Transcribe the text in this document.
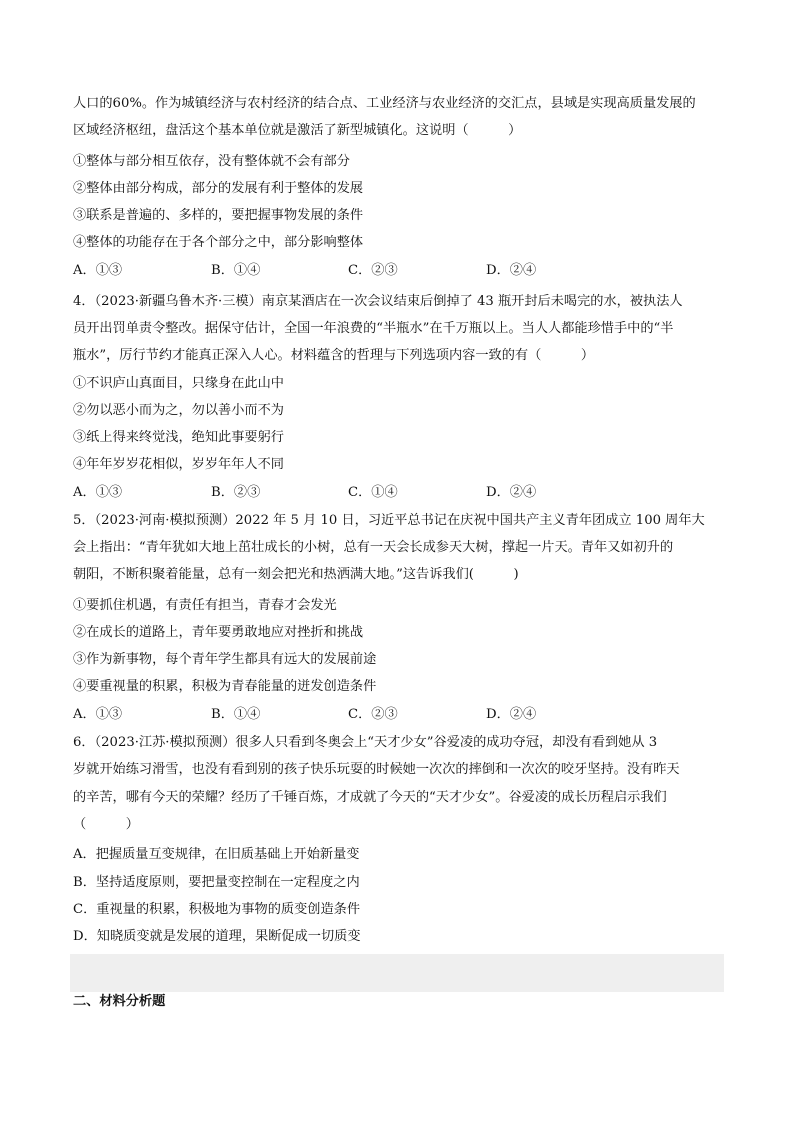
人口的60%。作为城镇经济与农村经济的结合点、工业经济与农业经济的交汇点，县域是实现高质量发展的
区域经济枢纽，盘活这个基本单位就是激活了新型城镇化。这说明（　　　）
①整体与部分相互依存，没有整体就不会有部分
②整体由部分构成，部分的发展有利于整体的发展
③联系是普遍的、多样的，要把握事物发展的条件
④整体的功能存在于各个部分之中，部分影响整体
A．①③	B．①④	C．②③	D．②④
4．（2023·新疆乌鲁木齐·三模）南京某酒店在一次会议结束后倒掉了 43 瓶开封后未喝完的水，被执法人
员开出罚单责令整改。据保守估计，全国一年浪费的“半瓶水”在千万瓶以上。当人人都能珍惜手中的“半
瓶水”，厉行节约才能真正深入人心。材料蕴含的哲理与下列选项内容一致的有（　　　）
①不识庐山真面目，只缘身在此山中
②勿以恶小而为之，勿以善小而不为
③纸上得来终觉浅，绝知此事要躬行
④年年岁岁花相似，岁岁年年人不同
A．①③	B．②③	C．①④	D．②④
5．（2023·河南·模拟预测）2022 年 5 月 10 日，习近平总书记在庆祝中国共产主义青年团成立 100 周年大
会上指出：“青年犹如大地上茁壮成长的小树，总有一天会长成参天大树，撑起一片天。青年又如初升的
朝阳，不断积聚着能量，总有一刻会把光和热洒满大地。”这告诉我们(　　　)
①要抓住机遇，有责任有担当，青春才会发光
②在成长的道路上，青年要勇敢地应对挫折和挑战
③作为新事物，每个青年学生都具有远大的发展前途
④要重视量的积累，积极为青春能量的迸发创造条件
A．①③	B．①④	C．②③	D．②④
6．（2023·江苏·模拟预测）很多人只看到冬奥会上“天才少女”谷爱凌的成功夺冠，却没有看到她从 3
岁就开始练习滑雪，也没有看到别的孩子快乐玩耍的时候她一次次的摔倒和一次次的咬牙坚持。没有昨天
的辛苦，哪有今天的荣耀？经历了千锤百炼，才成就了今天的“天才少女”。谷爱凌的成长历程启示我们
（　　　）
A．把握质量互变规律，在旧质基础上开始新量变
B．坚持适度原则，要把量变控制在一定程度之内
C．重视量的积累，积极地为事物的质变创造条件
D．知晓质变就是发展的道理，果断促成一切质变
二、材料分析题
